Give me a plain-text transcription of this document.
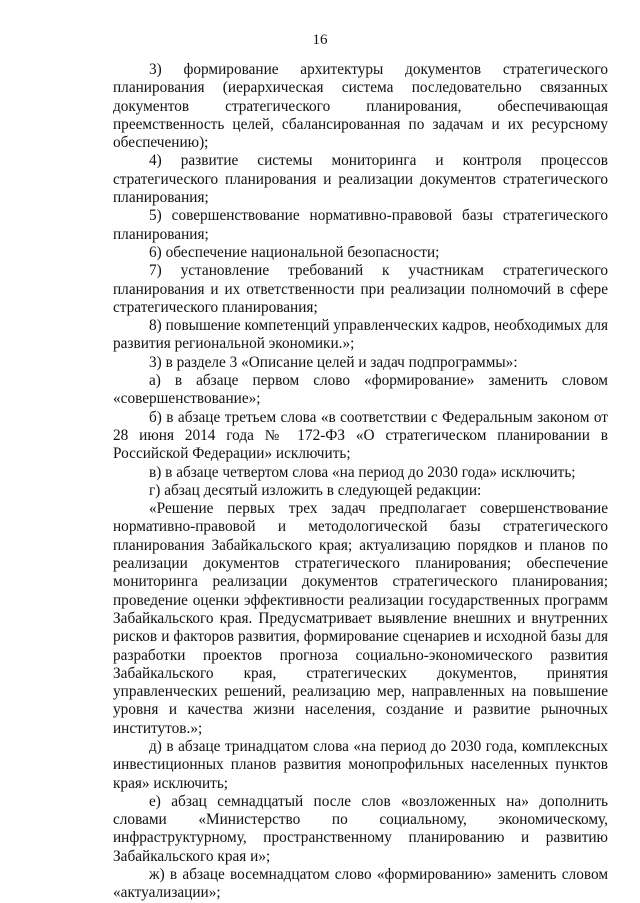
16

3) формирование архитектуры документов стратегического планирования (иерархическая система последовательно связанных документов стратегического планирования, обеспечивающая преемственность целей, сбалансированная по задачам и их ресурсному обеспечению);

4) развитие системы мониторинга и контроля процессов стратегического планирования и реализации документов стратегического планирования;

5) совершенствование нормативно-правовой базы стратегического планирования;

6) обеспечение национальной безопасности;

7) установление требований к участникам стратегического планирования и их ответственности при реализации полномочий в сфере стратегического планирования;

8) повышение компетенций управленческих кадров, необходимых для развития региональной экономики.»;

3) в разделе 3 «Описание целей и задач подпрограммы»:

а) в абзаце первом слово «формирование» заменить словом «совершенствование»;

б) в абзаце третьем слова «в соответствии с Федеральным законом от 28 июня 2014 года № 172-ФЗ «О стратегическом планировании в Российской Федерации» исключить;

в) в абзаце четвертом слова «на период до 2030 года» исключить;

г) абзац десятый изложить в следующей редакции:

«Решение первых трех задач предполагает совершенствование нормативно-правовой и методологической базы стратегического планирования Забайкальского края; актуализацию порядков и планов по реализации документов стратегического планирования; обеспечение мониторинга реализации документов стратегического планирования; проведение оценки эффективности реализации государственных программ Забайкальского края. Предусматривает выявление внешних и внутренних рисков и факторов развития, формирование сценариев и исходной базы для разработки проектов прогноза социально-экономического развития Забайкальского края, стратегических документов, принятия управленческих решений, реализацию мер, направленных на повышение уровня и качества жизни населения, создание и развитие рыночных институтов.»;

д) в абзаце тринадцатом слова «на период до 2030 года, комплексных инвестиционных планов развития монопрофильных населенных пунктов края» исключить;

е) абзац семнадцатый после слов «возложенных на» дополнить словами «Министерство по социальному, экономическому, инфраструктурному, пространственному планированию и развитию Забайкальского края и»;

ж) в абзаце восемнадцатом слово «формированию» заменить словом «актуализации»;
